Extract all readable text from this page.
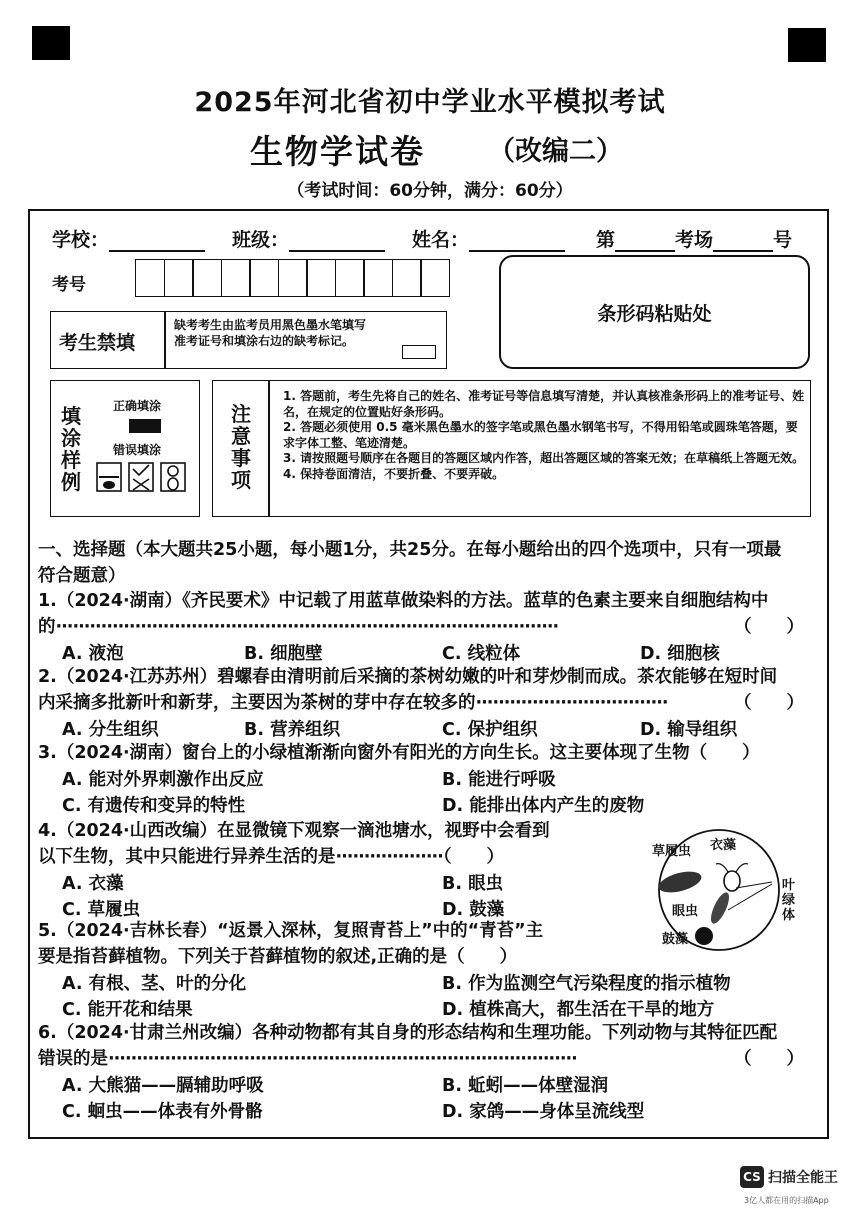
2025年河北省初中学业水平模拟考试
生物学试卷 （改编二）
（考试时间：60分钟，满分：60分）
学校：	班级：	姓名：	第	考场	号
考号
条形码粘贴处
考生禁填
缺考考生由监考员用黑色墨水笔填写准考证号和填涂右边的缺考标记。
填涂样例
正确填涂
错误填涂
注意事项
1. 答题前，考生先将自己的姓名、准考证号等信息填写清楚，并认真核准条形码上的准考证号、姓名，在规定的位置贴好条形码。
2. 答题必须使用 0.5 毫米黑色墨水的签字笔或黑色墨水钢笔书写，不得用铅笔或圆珠笔答题，要求字体工整、笔迹清楚。
3. 请按照题号顺序在各题目的答题区域内作答，超出答题区域的答案无效；在草稿纸上答题无效。
4. 保持卷面清洁，不要折叠、不要弄破。
一、选择题（本大题共25小题，每小题1分，共25分。在每小题给出的四个选项中，只有一项最
符合题意）
1.（2024·湖南）《齐民要术》中记载了用蓝草做染料的方法。蓝草的色素主要来自细胞结构中
的·························································································	（　　）
A. 液泡	B. 细胞壁	C. 线粒体	D. 细胞核
2.（2024·江苏苏州）碧螺春由清明前后采摘的茶树幼嫩的叶和芽炒制而成。茶农能够在短时间
内采摘多批新叶和新芽，主要因为茶树的芽中存在较多的··································	（　　）
A. 分生组织	B. 营养组织	C. 保护组织	D. 输导组织
3.（2024·湖南）窗台上的小绿植渐渐向窗外有阳光的方向生长。这主要体现了生物（　　）
A. 能对外界刺激作出反应	B. 能进行呼吸
C. 有遗传和变异的特性	D. 能排出体内产生的废物
4.（2024·山西改编）在显微镜下观察一滴池塘水，视野中会看到
以下生物，其中只能进行异养生活的是···················（　　）
A. 衣藻	B. 眼虫
C. 草履虫	D. 鼓藻
草履虫 衣藻
叶
绿
体
眼虫
鼓藻
5.（2024·吉林长春）“返景入深林，复照青苔上”中的“青苔”主
要是指苔藓植物。下列关于苔藓植物的叙述,正确的是（　　）
A. 有根、茎、叶的分化	B. 作为监测空气污染程度的指示植物
C. 能开花和结果	D. 植株高大，都生活在干旱的地方
6.（2024·甘肃兰州改编）各种动物都有其自身的形态结构和生理功能。下列动物与其特征匹配
错误的是···················································································	（　　）
A. 大熊猫——膈辅助呼吸	B. 蚯蚓——体壁湿润
C. 蛔虫——体表有外骨骼	D. 家鸽——身体呈流线型
CS 扫描全能王
3亿人都在用的扫描App
